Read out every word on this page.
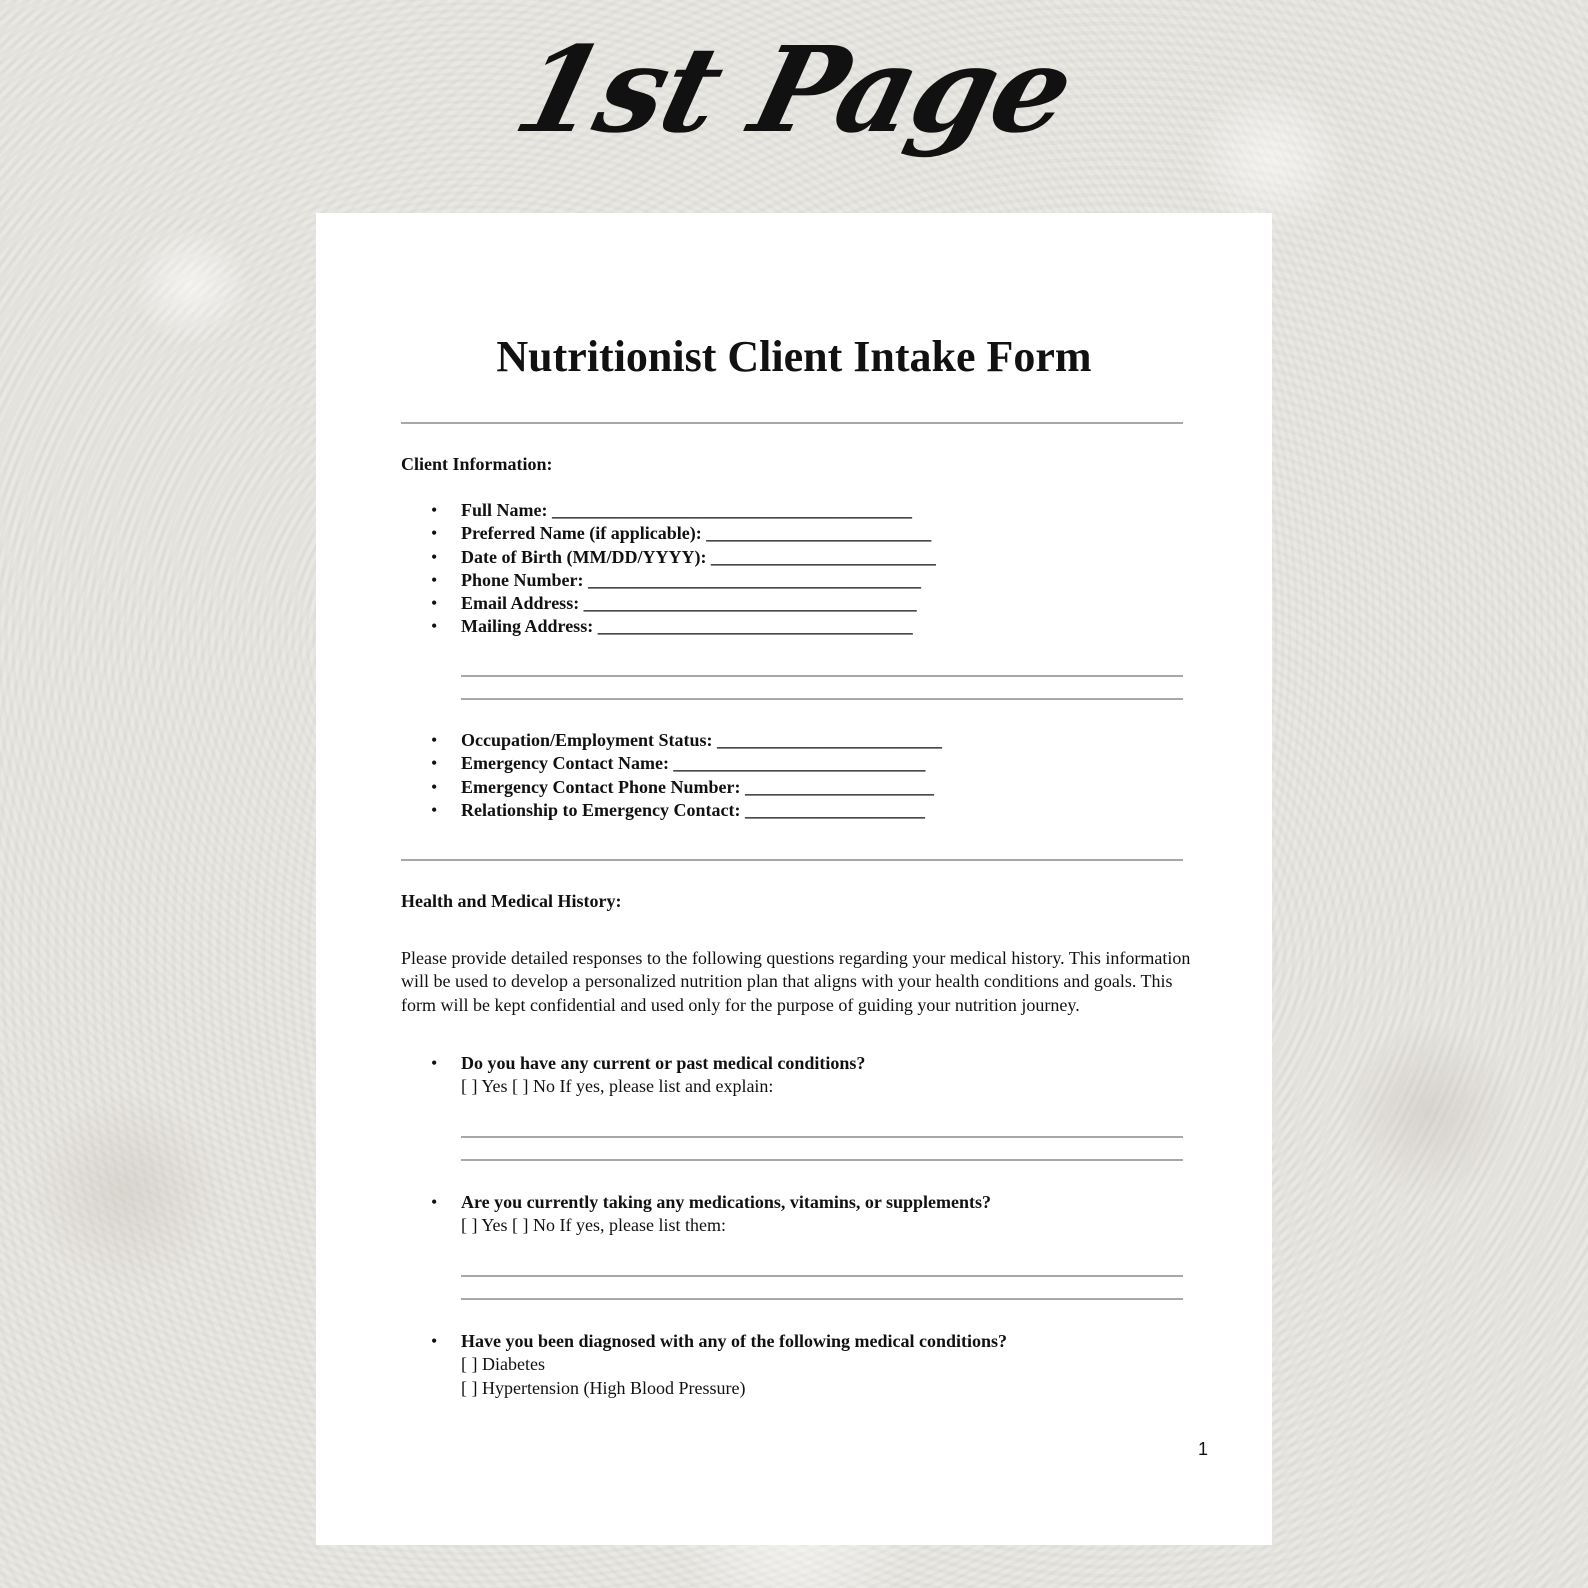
1st Page
Nutritionist Client Intake Form
Client Information:
• Full Name: ________________________________________
• Preferred Name (if applicable): _________________________
• Date of Birth (MM/DD/YYYY): _________________________
• Phone Number: _____________________________________
• Email Address: _____________________________________
• Mailing Address: ___________________________________
• Occupation/Employment Status: _________________________
• Emergency Contact Name: ____________________________
• Emergency Contact Phone Number: _____________________
• Relationship to Emergency Contact: ____________________
Health and Medical History:
Please provide detailed responses to the following questions regarding your medical history. This information will be used to develop a personalized nutrition plan that aligns with your health conditions and goals. This form will be kept confidential and used only for the purpose of guiding your nutrition journey.
•	Do you have any current or past medical conditions?
[ ] Yes [ ] No If yes, please list and explain:
•	Are you currently taking any medications, vitamins, or supplements?
[ ] Yes [ ] No If yes, please list them:
•	Have you been diagnosed with any of the following medical conditions?
[ ] Diabetes
[ ] Hypertension (High Blood Pressure)
1
